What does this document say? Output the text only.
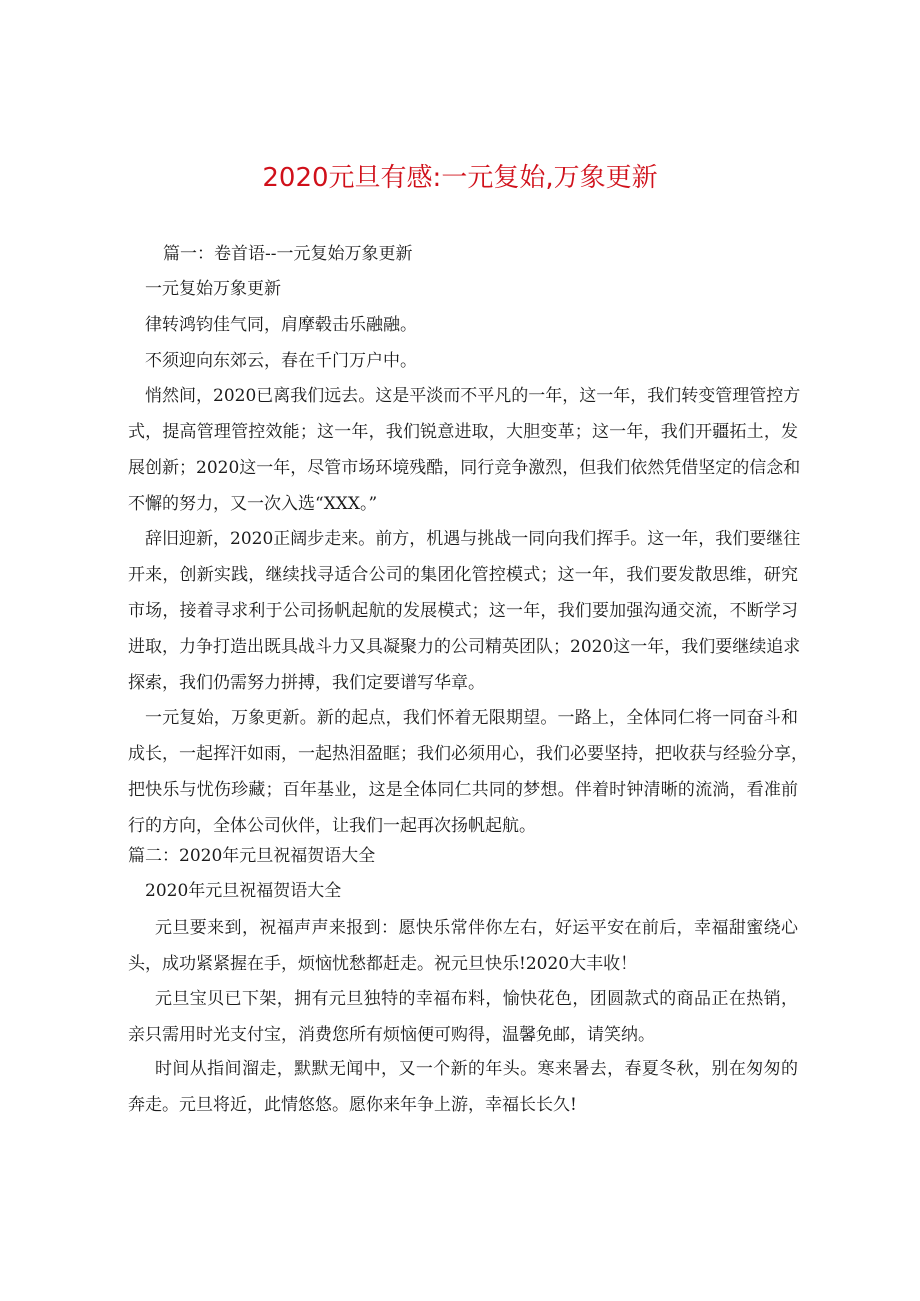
2020元旦有感:一元复始,万象更新
篇一：卷首语--一元复始万象更新
一元复始万象更新
律转鸿钧佳气同，肩摩毂击乐融融。
不须迎向东郊云，春在千门万户中。
悄然间，2020已离我们远去。这是平淡而不平凡的一年，这一年，我们转变管理管控方
式，提高管理管控效能；这一年，我们锐意进取，大胆变革；这一年，我们开疆拓土，发
展创新；2020这一年，尽管市场环境残酷，同行竞争激烈，但我们依然凭借坚定的信念和
不懈的努力，又一次入选“XXX。”
辞旧迎新，2020正阔步走来。前方，机遇与挑战一同向我们挥手。这一年，我们要继往
开来，创新实践，继续找寻适合公司的集团化管控模式；这一年，我们要发散思维，研究
市场，接着寻求利于公司扬帆起航的发展模式；这一年，我们要加强沟通交流，不断学习
进取，力争打造出既具战斗力又具凝聚力的公司精英团队；2020这一年，我们要继续追求
探索，我们仍需努力拼搏，我们定要谱写华章。
一元复始，万象更新。新的起点，我们怀着无限期望。一路上，全体同仁将一同奋斗和
成长，一起挥汗如雨，一起热泪盈眶；我们必须用心，我们必要坚持，把收获与经验分享，
把快乐与忧伤珍藏；百年基业，这是全体同仁共同的梦想。伴着时钟清晰的流淌，看准前
行的方向，全体公司伙伴，让我们一起再次扬帆起航。
篇二：2020年元旦祝福贺语大全
2020年元旦祝福贺语大全
元旦要来到，祝福声声来报到：愿快乐常伴你左右，好运平安在前后，幸福甜蜜绕心
头，成功紧紧握在手，烦恼忧愁都赶走。祝元旦快乐!2020大丰收！
元旦宝贝已下架，拥有元旦独特的幸福布料，愉快花色，团圆款式的商品正在热销，
亲只需用时光支付宝，消费您所有烦恼便可购得，温馨免邮，请笑纳。
时间从指间溜走，默默无闻中，又一个新的年头。寒来暑去，春夏冬秋，别在匆匆的
奔走。元旦将近，此情悠悠。愿你来年争上游，幸福长长久!
